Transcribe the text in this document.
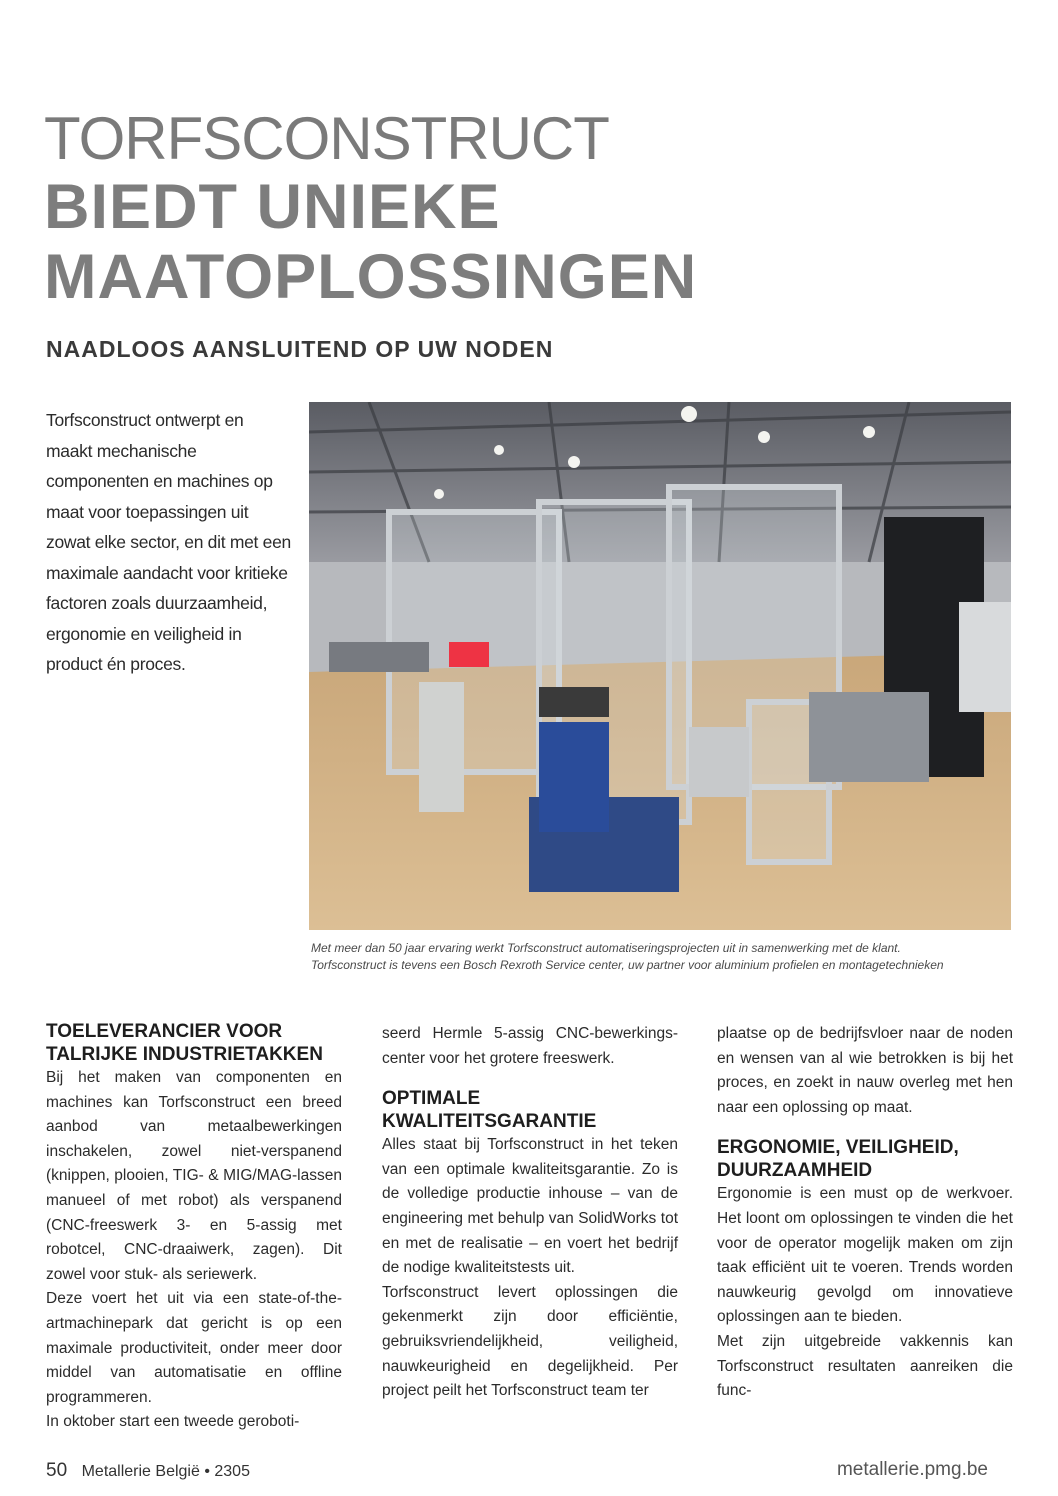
TORFSCONSTRUCT
BIEDT UNIEKE
MAATOPLOSSINGEN
NAADLOOS AANSLUITEND OP UW NODEN
Torfsconstruct ontwerpt en maakt mechanische componenten en machines op maat voor toepassingen uit zowat elke sector, en dit met een maximale aandacht voor kritieke factoren zoals duurzaamheid, ergonomie en veiligheid in product én proces.
Met meer dan 50 jaar ervaring werkt Torfsconstruct automatiseringsprojecten uit in samenwerking met de klant.
Torfsconstruct is tevens een Bosch Rexroth Service center, uw partner voor aluminium profielen en montagetechnieken
TOELEVERANCIER VOOR TALRIJKE INDUSTRIETAKKEN

Bij het maken van componenten en machines kan Torfsconstruct een breed aanbod van metaalbewerkingen inschakelen, zowel niet-verspanend (knippen, plooien, TIG- & MIG/MAG-lassen manueel of met robot) als verspanend (CNC-freeswerk 3- en 5-assig met robotcel, CNC-draaiwerk, zagen). Dit zowel voor stuk- als seriewerk.

Deze voert het uit via een state-of-the-artmachinepark dat gericht is op een maximale productiviteit, onder meer door middel van automatisatie en offline programmeren.

In oktober start een tweede geroboti-

seerd Hermle 5-assig CNC-bewerkings-center voor het grotere freeswerk.

OPTIMALE KWALITEITSGARANTIE

Alles staat bij Torfsconstruct in het teken van een optimale kwaliteitsgarantie. Zo is de volledige productie inhouse – van de engineering met behulp van SolidWorks tot en met de realisatie – en voert het bedrijf de nodige kwaliteitstests uit.

Torfsconstruct levert oplossingen die gekenmerkt zijn door efficiëntie, gebruiksvriendelijkheid, veiligheid, nauwkeurigheid en degelijkheid. Per project peilt het Torfsconstruct team ter

plaatse op de bedrijfsvloer naar de noden en wensen van al wie betrokken is bij het proces, en zoekt in nauw overleg met hen naar een oplossing op maat.

ERGONOMIE, VEILIGHEID, DUURZAAMHEID

Ergonomie is een must op de werkvoer. Het loont om oplossingen te vinden die het voor de operator mogelijk maken om zijn taak efficiënt uit te voeren. Trends worden nauwkeurig gevolgd om innovatieve oplossingen aan te bieden.

Met zijn uitgebreide vakkennis kan Torfsconstruct resultaten aanreiken die func-

50 Metallerie België • 2305	metallerie.pmg.be
